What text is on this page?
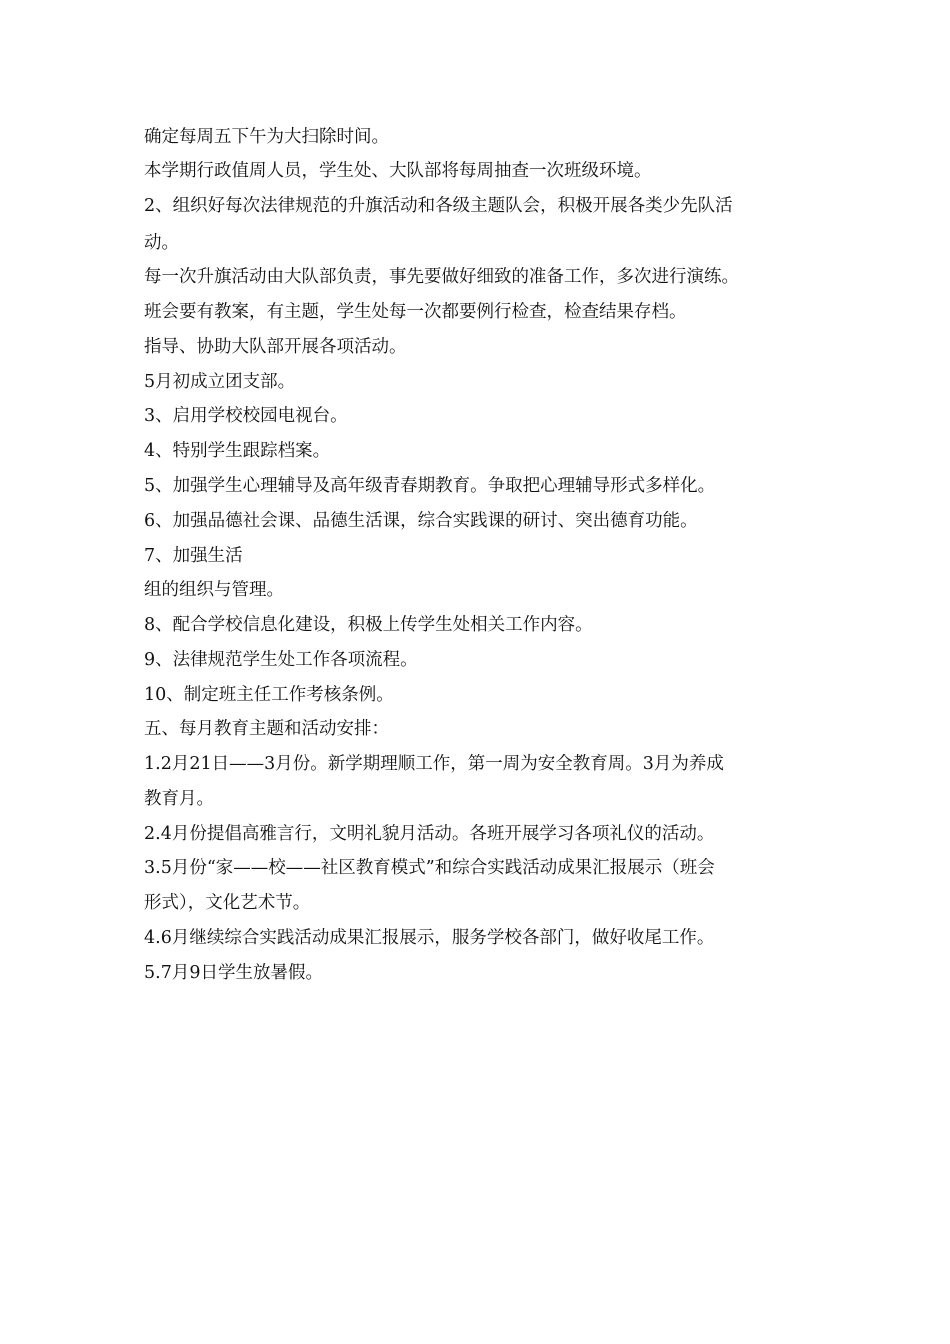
确定每周五下午为大扫除时间。
本学期行政值周人员，学生处、大队部将每周抽查一次班级环境。
2、组织好每次法律规范的升旗活动和各级主题队会，积极开展各类少先队活
动。
每一次升旗活动由大队部负责，事先要做好细致的准备工作，多次进行演练。
班会要有教案，有主题，学生处每一次都要例行检查，检查结果存档。
指导、协助大队部开展各项活动。
5月初成立团支部。
3、启用学校校园电视台。
4、特别学生跟踪档案。
5、加强学生心理辅导及高年级青春期教育。争取把心理辅导形式多样化。
6、加强品德社会课、品德生活课，综合实践课的研讨、突出德育功能。
7、加强生活
组的组织与管理。
8、配合学校信息化建设，积极上传学生处相关工作内容。
9、法律规范学生处工作各项流程。
10、制定班主任工作考核条例。
五、每月教育主题和活动安排：
1.2月21日——3月份。新学期理顺工作，第一周为安全教育周。3月为养成
教育月。
2.4月份提倡高雅言行，文明礼貌月活动。各班开展学习各项礼仪的活动。
3.5月份“家——校——社区教育模式”和综合实践活动成果汇报展示（班会
形式），文化艺术节。
4.6月继续综合实践活动成果汇报展示，服务学校各部门，做好收尾工作。
5.7月9日学生放暑假。
